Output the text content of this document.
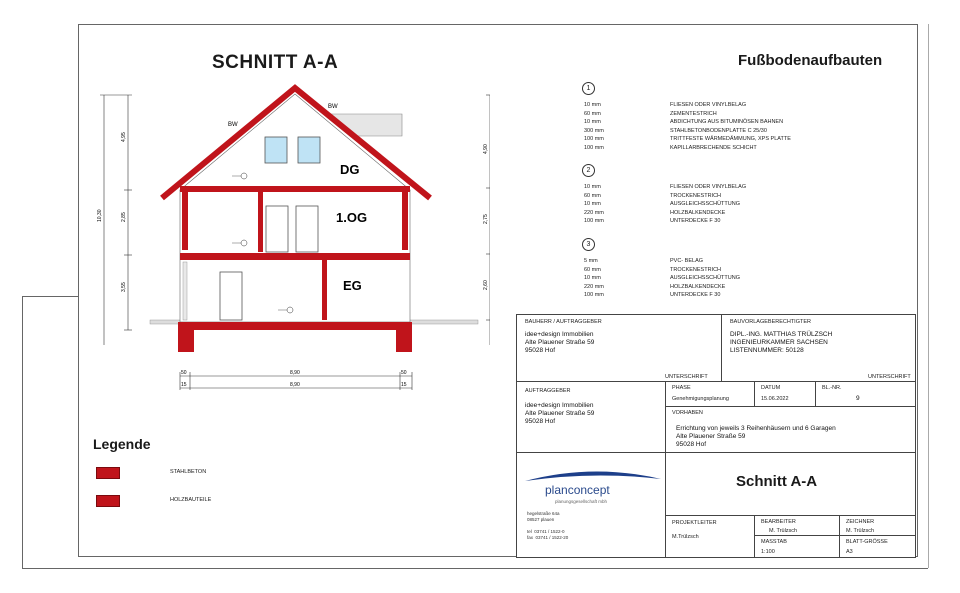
SCHNITT A-A
DG
1.OG
EG
BW
BW
4,95
2,85
3,55
10,30
4,90
2,75
2,60
50	8,90	50
15	8,90	15
Fußbodenaufbauten
1
10 mm	FLIESEN ODER VINYLBELAG
60 mm	ZEMENTESTRICH
10 mm	ABDICHTUNG AUS BITUMINÖSEN BAHNEN
300 mm	STAHLBETONBODENPLATTE C 25/30
100 mm	TRITTFESTE WÄRMEDÄMMUNG, XPS PLATTE
100 mm	KAPILLARBRECHENDE SCHICHT
2
10 mm	FLIESEN ODER VINYLBELAG
60 mm	TROCKENESTRICH
10 mm	AUSGLEICHSSCHÜTTUNG
220 mm	HOLZBALKENDECKE
100 mm	UNTERDECKE F 30
3
5 mm	PVC- BELAG
60 mm	TROCKENESTRICH
10 mm	AUSGLEICHSSCHÜTTUNG
220 mm	HOLZBALKENDECKE
100 mm	UNTERDECKE F 30
Legende
STAHLBETON
HOLZBAUTEILE
BAUHERR / AUFTRAGGEBER
idee+design Immobilien
Alte Plauener Straße 59
95028 Hof
UNTERSCHRIFT
BAUVORLAGEBERECHTIGTER
DIPL.-ING. MATTHIAS TRÜLZSCH
INGENIEURKAMMER SACHSEN
LISTENNUMMER: 50128
UNTERSCHRIFT
AUFTRAGGEBER
idee+design Immobilien
Alte Plauener Straße 59
95028 Hof
PHASE
Genehmigungsplanung
DATUM
15.06.2022
BL.-NR.
9
VORHABEN
Errichtung von jeweils 3 Reihenhäusern und 6 Garagen
Alte Plauener Straße 59
95028 Hof
planconcept
planungsgesellschaft mbh
hegelstraße 64a
08527 plauen

tel  03741 / 1522-0
fax  03741 / 1522-20
Schnitt A-A
PROJEKTLEITER
M.Trülzsch
BEARBEITER
M. Trülzsch
ZEICHNER
M. Trülzsch
MASSTAB
1:100
BLATT-GRÖSSE
A3
